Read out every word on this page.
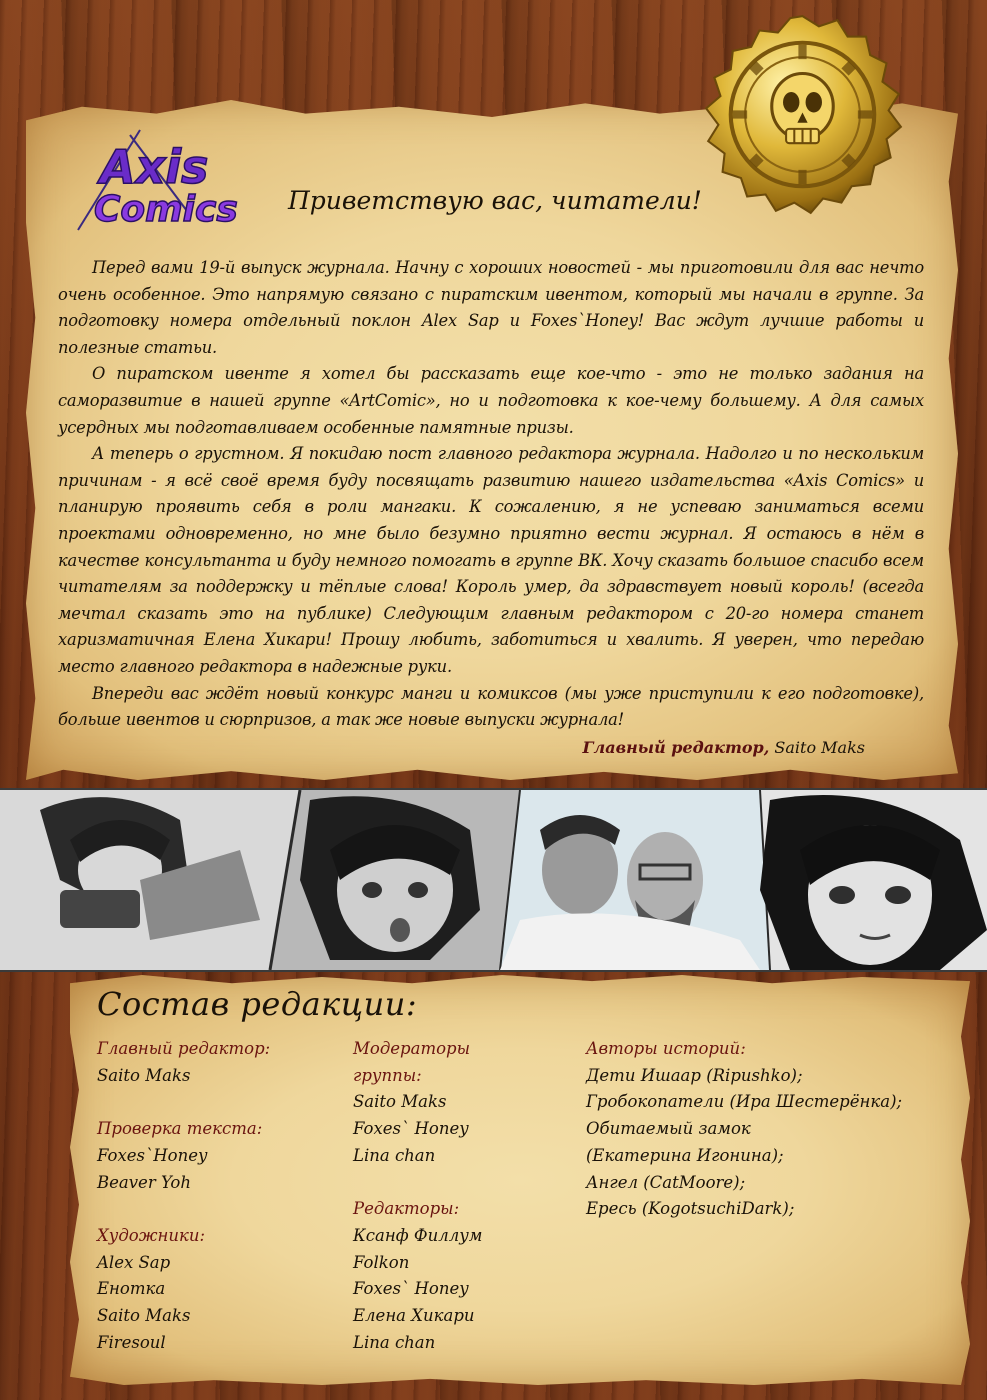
Axis
Comics Приветствую вас, читатели!

Перед вами 19-й выпуск журнала. Начну с хороших новостей - мы приготовили для вас нечто очень особенное. Это напрямую связано с пиратским ивентом, который мы начали в группе. За подготовку номера отдельный поклон Alex Sap и Foxes`Honey! Вас ждут лучшие работы и полезные статьи.

О пиратском ивенте я хотел бы рассказать еще кое-что - это не только задания на саморазвитие в нашей группе «ArtComic», но и подготовка к кое-чему большему. А для самых усердных мы подготавливаем особенные памятные призы.

А теперь о грустном. Я покидаю пост главного редактора журнала. Надолго и по нескольким причинам - я всё своё время буду посвящать развитию нашего издательства «Axis Comics» и планирую проявить себя в роли мангаки. К сожалению, я не успеваю заниматься всеми проектами одновременно, но мне было безумно приятно вести журнал. Я остаюсь в нём в качестве консультанта и буду немного помогать в группе ВК. Хочу сказать большое спасибо всем читателям за поддержку и тёплые слова! Король умер, да здравствует новый король! (всегда мечтал сказать это на публике) Следующим главным редактором с 20-го номера станет харизматичная Елена Хикари! Прошу любить, заботиться и хвалить. Я уверен, что передаю место главного редактора в надежные руки.

Впереди вас ждёт новый конкурс манги и комиксов (мы уже приступили к его подготовке), больше ивентов и сюрпризов, а так же новые выпуски журнала!

Главный редактор, Saito Maks
Состав редакции:
Главный редактор:
Saito Maks
Проверка текста:
Foxes`Honey
Beaver Yoh
Художники:
Alex Sap
Енотка
Saito Maks
Firesoul
Модераторы
группы:
Saito Maks
Foxes` Honey
Lina chan
Редакторы:
Ксанф Филлум
Folkon
Foxes` Honey
Елена Хикари
Lina chan
Авторы историй:
Дети Ишаар (Ripushko);
Гробокопатели (Ира Шестерёнка);
Обитаемый замок
(Екатерина Игонина);
Ангел (CatMoore);
Ересь (KogotsuchiDark);
